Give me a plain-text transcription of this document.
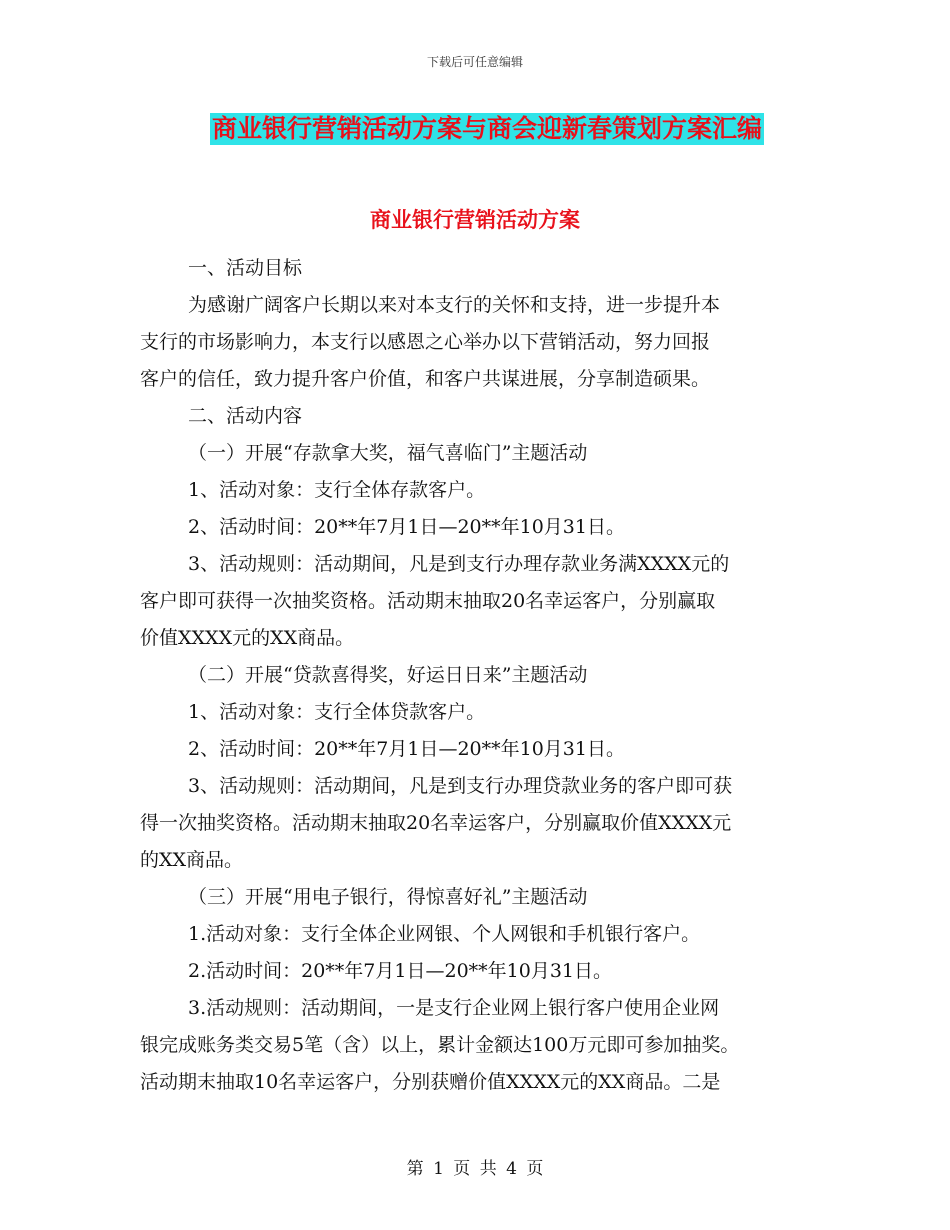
下载后可任意编辑
商业银行营销活动方案与商会迎新春策划方案汇编
商业银行营销活动方案

一、活动目标

为感谢广阔客户长期以来对本支行的关怀和支持，进一步提升本

支行的市场影响力，本支行以感恩之心举办以下营销活动，努力回报

客户的信任，致力提升客户价值，和客户共谋进展，分享制造硕果。

二、活动内容

（一）开展“存款拿大奖，福气喜临门”主题活动

1、活动对象：支行全体存款客户。

2、活动时间：20**年7月1日—20**年10月31日。

3、活动规则：活动期间，凡是到支行办理存款业务满XXXX元的

客户即可获得一次抽奖资格。活动期末抽取20名幸运客户，分别赢取

价值XXXX元的XX商品。

（二）开展“贷款喜得奖，好运日日来”主题活动

1、活动对象：支行全体贷款客户。

2、活动时间：20**年7月1日—20**年10月31日。

3、活动规则：活动期间，凡是到支行办理贷款业务的客户即可获

得一次抽奖资格。活动期末抽取20名幸运客户，分别赢取价值XXXX元

的XX商品。

（三）开展“用电子银行，得惊喜好礼”主题活动

1.活动对象：支行全体企业网银、个人网银和手机银行客户。

2.活动时间：20**年7月1日—20**年10月31日。

3.活动规则：活动期间，一是支行企业网上银行客户使用企业网

银完成账务类交易5笔（含）以上，累计金额达100万元即可参加抽奖。

活动期末抽取10名幸运客户，分别获赠价值XXXX元的XX商品。二是

第 1 页 共 4 页
